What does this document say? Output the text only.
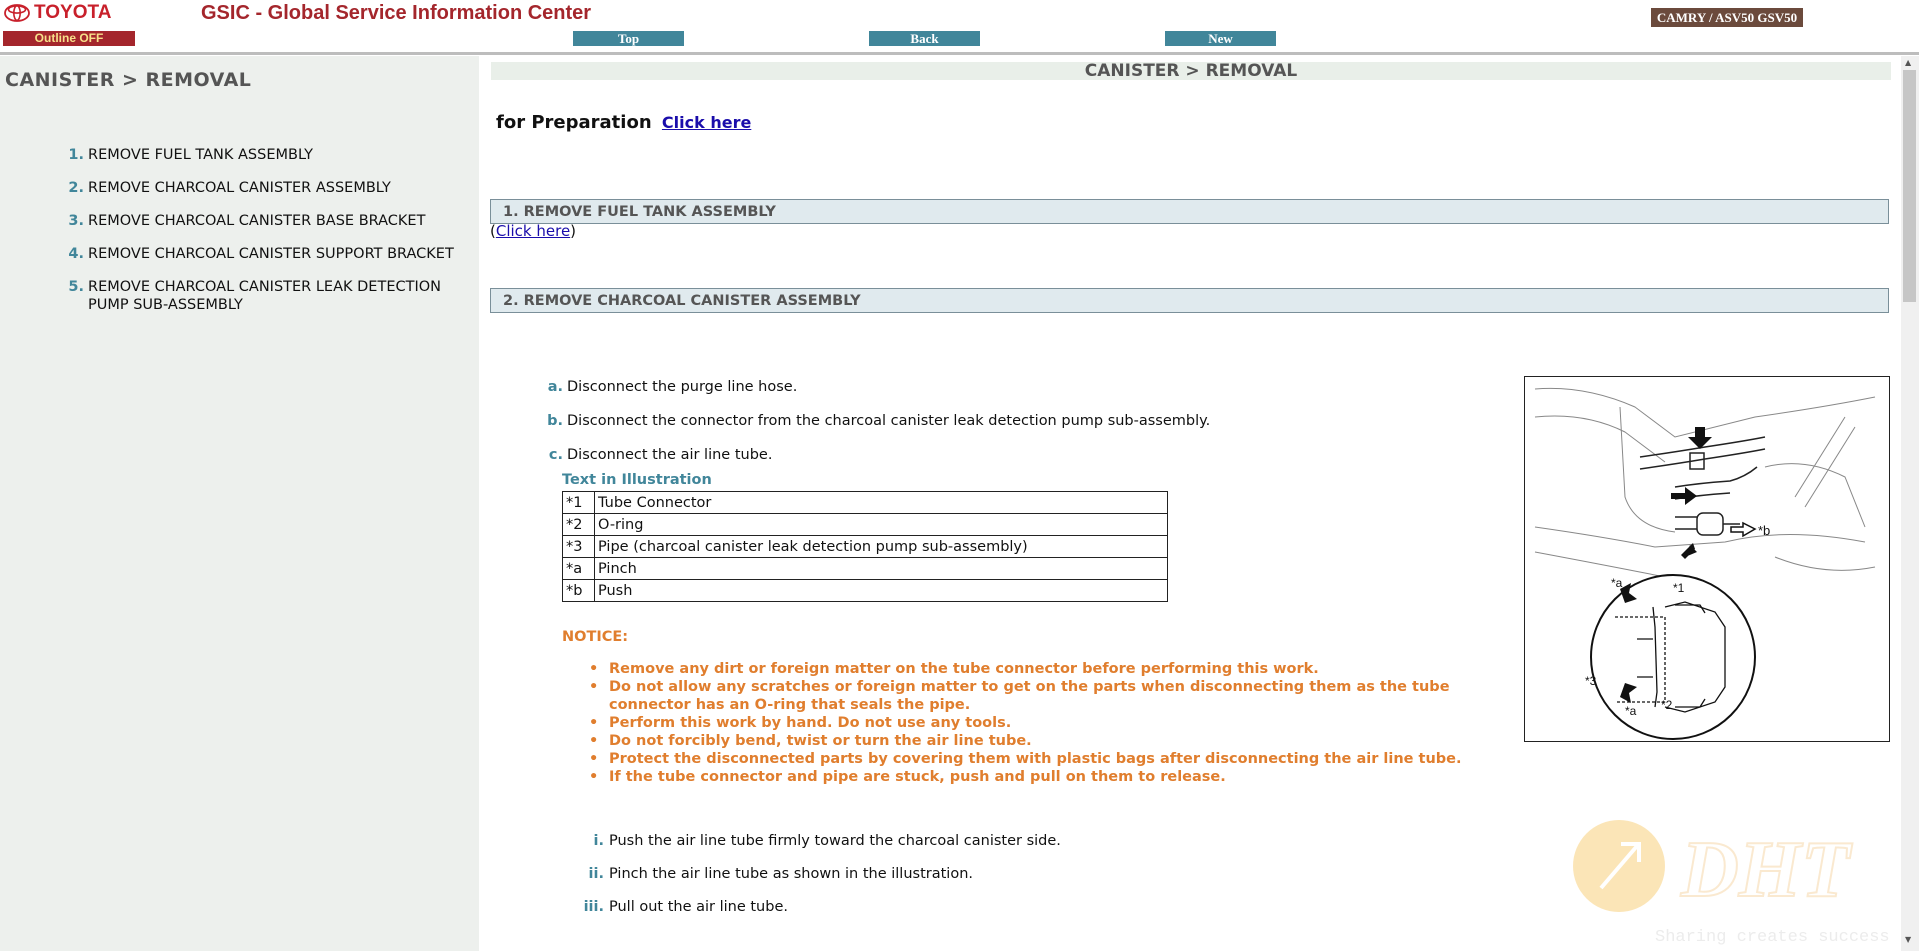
TOYOTA	GSIC - Global Service Information Center
Outline OFF	Top	Back	New
CAMRY / ASV50 GSV50
CANISTER > REMOVAL
1. REMOVE FUEL TANK ASSEMBLY
2. REMOVE CHARCOAL CANISTER ASSEMBLY
3. REMOVE CHARCOAL CANISTER BASE BRACKET
4. REMOVE CHARCOAL CANISTER SUPPORT BRACKET
5. REMOVE CHARCOAL CANISTER LEAK DETECTION PUMP SUB-ASSEMBLY
CANISTER > REMOVAL
for Preparation Click here
1. REMOVE FUEL TANK ASSEMBLY
(Click here)
2. REMOVE CHARCOAL CANISTER ASSEMBLY
a. Disconnect the purge line hose.
b. Disconnect the connector from the charcoal canister leak detection pump sub-assembly.
c. Disconnect the air line tube.
Text in Illustration
*1	Tube Connector
*2	O-ring
*3	Pipe (charcoal canister leak detection pump sub-assembly)
*a	Pinch
*b	Push
NOTICE:
• Remove any dirt or foreign matter on the tube connector before performing this work.
• Do not allow any scratches or foreign matter to get on the parts when disconnecting them as the tube connector has an O-ring that seals the pipe.
• Perform this work by hand. Do not use any tools.
• Do not forcibly bend, twist or turn the air line tube.
• Protect the disconnected parts by covering them with plastic bags after disconnecting the air line tube.
• If the tube connector and pipe are stuck, push and pull on them to release.
i. Push the air line tube firmly toward the charcoal canister side.
ii. Pinch the air line tube as shown in the illustration.
iii. Pull out the air line tube.
*b
*a	*1
*3
*2
*a
DHT
Sharing creates success
▲
▼
